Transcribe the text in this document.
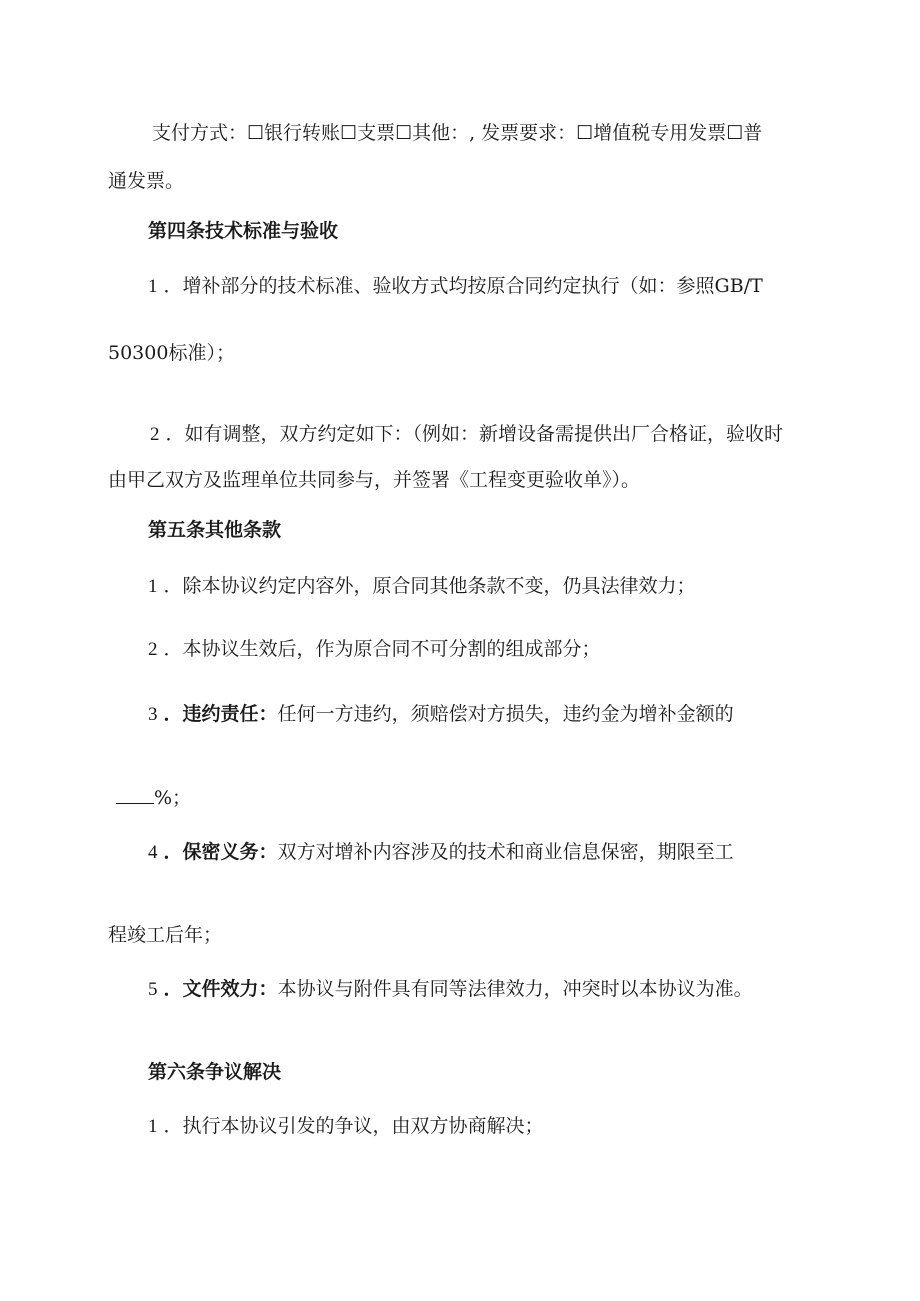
支付方式：☐银行转账☐支票☐其他：, 发票要求：☐增值税专用发票☐普
通发票。
第四条技术标准与验收
1 ．增补部分的技术标准、验收方式均按原合同约定执行（如：参照GB/T
50300标准）；
2 ．如有调整，双方约定如下：（例如：新增设备需提供出厂合格证，验收时
由甲乙双方及监理单位共同参与，并签署《工程变更验收单》）。
第五条其他条款
1 ．除本协议约定内容外，原合同其他条款不变，仍具法律效力；
2 ．本协议生效后，作为原合同不可分割的组成部分；
3 ．违约责任：任何一方违约，须赔偿对方损失，违约金为增补金额的
%；
4 ．保密义务：双方对增补内容涉及的技术和商业信息保密，期限至工
程竣工后年；
5 ．文件效力：本协议与附件具有同等法律效力，冲突时以本协议为准。
第六条争议解决
1 ．执行本协议引发的争议，由双方协商解决；
